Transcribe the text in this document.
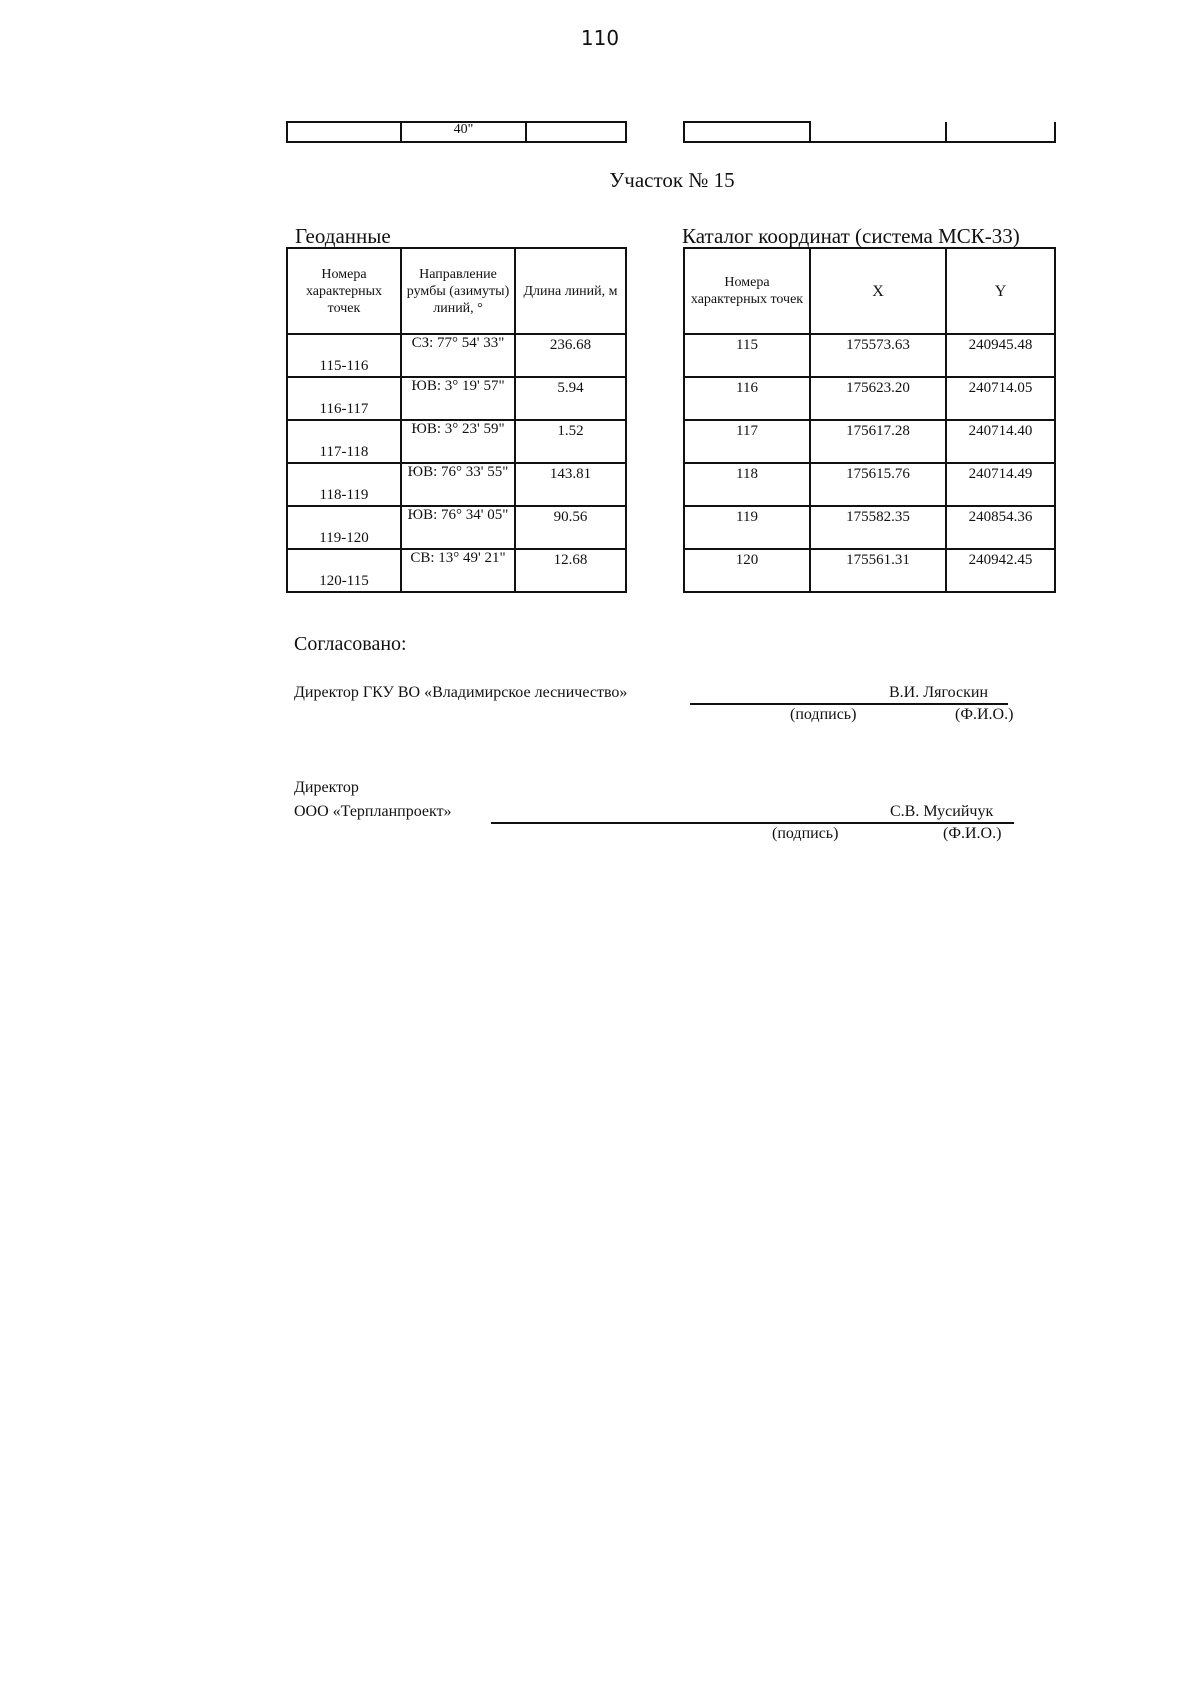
110
	40"	

Участок № 15
Геоданные	Каталог координат (система МСК-33)
Номера характерных точек	Направление румбы (азимуты) линий, °	Длина линий, м
115-116	СЗ: 77° 54' 33"	236.68
116-117	ЮВ: 3° 19' 57"	5.94
117-118	ЮВ: 3° 23' 59"	1.52
118-119	ЮВ: 76° 33' 55"	143.81
119-120	ЮВ: 76° 34' 05"	90.56
120-115	СВ: 13° 49' 21"	12.68
Номера характерных точек	X	Y
115	175573.63	240945.48
116	175623.20	240714.05
117	175617.28	240714.40
118	175615.76	240714.49
119	175582.35	240854.36
120	175561.31	240942.45
Согласовано:
Директор ГКУ ВО «Владимирское лесничество»	В.И. Лягоскин
(подпись)	(Ф.И.О.)
Директор
ООО «Терпланпроект»	С.В. Мусийчук
(подпись)	(Ф.И.О.)
